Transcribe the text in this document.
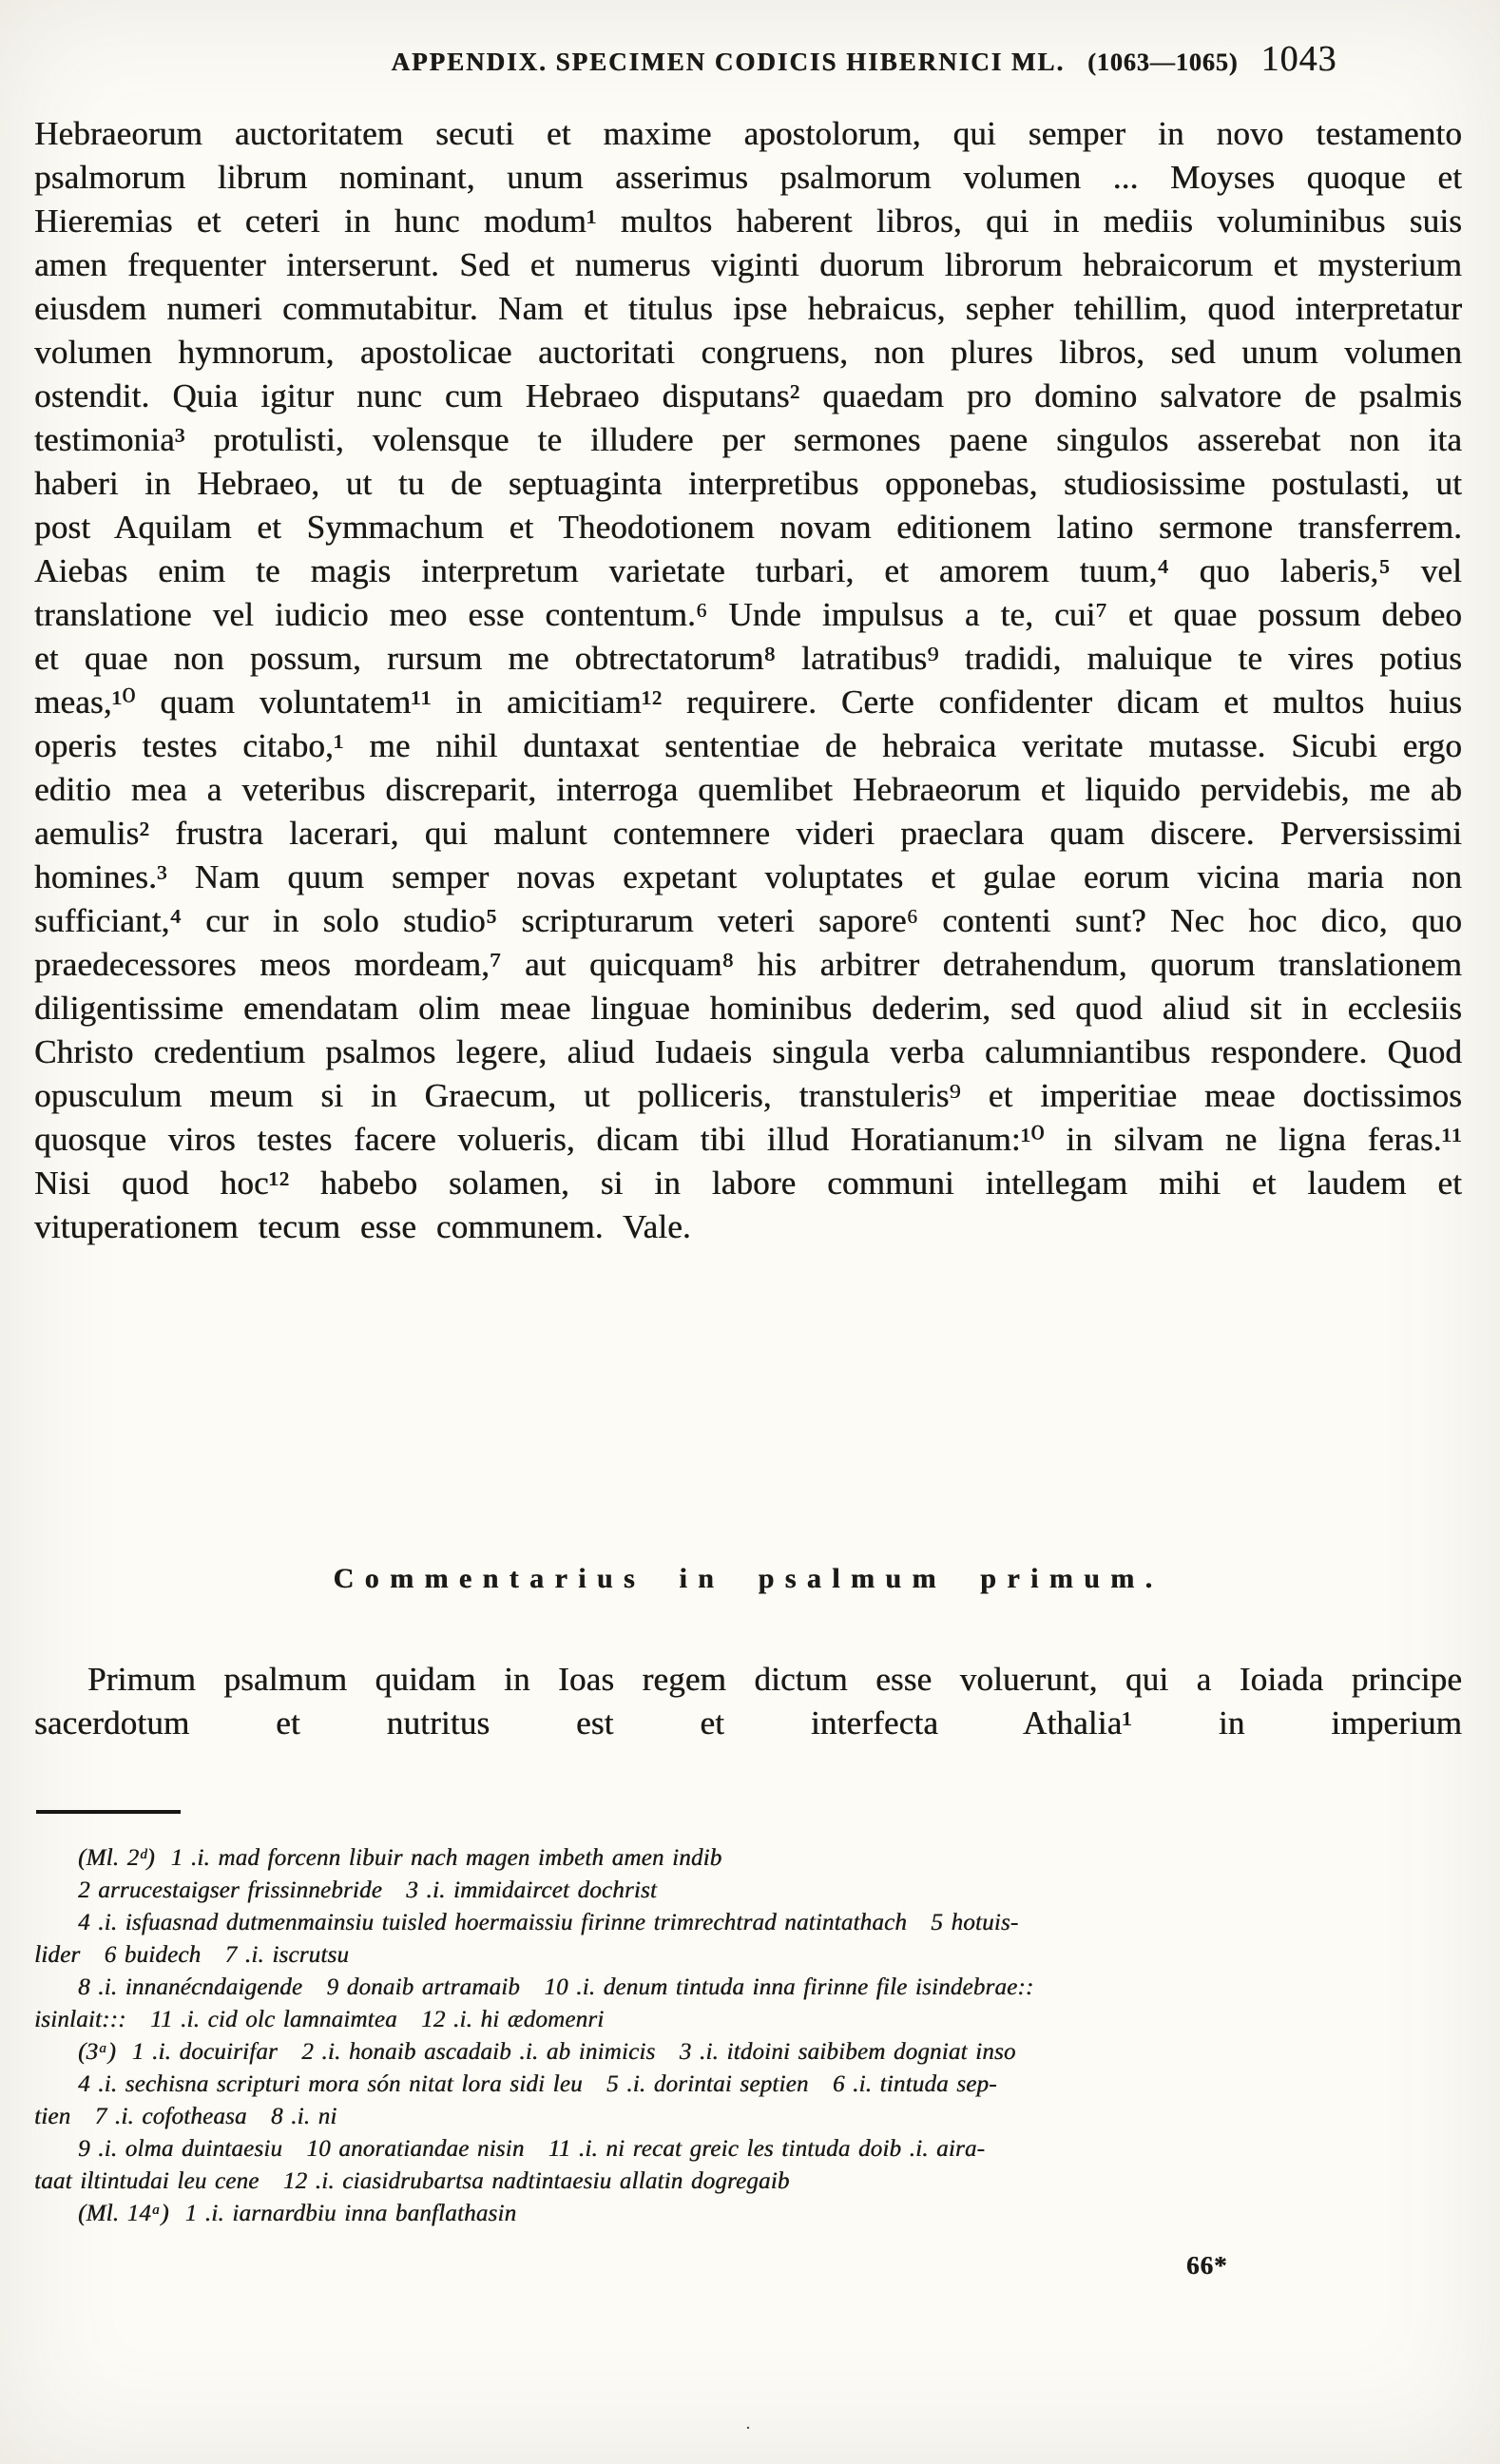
APPENDIX. SPECIMEN CODICIS HIBERNICI ML. (1063—1065) 1043

Hebraeorum auctoritatem secuti et maxime apostolorum, qui semper in novo testamento psalmorum librum nominant, unum asserimus psalmorum volumen ... Moyses quoque et Hieremias et ceteri in hunc modum¹ multos haberent libros, qui in mediis voluminibus suis amen frequenter interserunt. Sed et numerus viginti duorum librorum hebraicorum et mysterium eiusdem numeri commutabitur. Nam et titulus ipse hebraicus, sepher tehillim, quod interpretatur volumen hymnorum, apostolicae auctoritati congruens, non plures libros, sed unum volumen ostendit. Quia igitur nunc cum Hebraeo disputans² quaedam pro domino salvatore de psalmis testimonia³ protulisti, volensque te illudere per sermones paene singulos asserebat non ita haberi in Hebraeo, ut tu de septuaginta interpretibus opponebas, studiosissime postulasti, ut post Aquilam et Symmachum et Theodotionem novam editionem latino sermone transferrem. Aiebas enim te magis interpretum varietate turbari, et amorem tuum,⁴ quo laberis,⁵ vel translatione vel iudicio meo esse contentum.⁶ Unde impulsus a te, cui⁷ et quae possum debeo et quae non possum, rursum me obtrectatorum⁸ latratibus⁹ tradidi, maluique te vires potius meas,¹⁰ quam voluntatem¹¹ in amicitiam¹² requirere. Certe confidenter dicam et multos huius operis testes citabo,¹ me nihil duntaxat sententiae de hebraica veritate mutasse. Sicubi ergo editio mea a veteribus discreparit, interroga quemlibet Hebraeorum et liquido pervidebis, me ab aemulis² frustra lacerari, qui malunt contemnere videri praeclara quam discere. Perversissimi homines.³ Nam quum semper novas expetant voluptates et gulae eorum vicina maria non sufficiant,⁴ cur in solo studio⁵ scripturarum veteri sapore⁶ contenti sunt? Nec hoc dico, quo praedecessores meos mordeam,⁷ aut quicquam⁸ his arbitrer detrahendum, quorum translationem diligentissime emendatam olim meae linguae hominibus dederim, sed quod aliud sit in ecclesiis Christo credentium psalmos legere, aliud Iudaeis singula verba calumniantibus respondere. Quod opusculum meum si in Graecum, ut polliceris, transtuleris⁹ et imperitiae meae doctissimos quosque viros testes facere volueris, dicam tibi illud Horatianum:¹⁰ in silvam ne ligna feras.¹¹ Nisi quod hoc¹² habebo solamen, si in labore communi intellegam mihi et laudem et vituperationem tecum esse communem. Vale.

Commentarius in psalmum primum.

Primum psalmum quidam in Ioas regem dictum esse voluerunt, qui a Ioiada principe sacerdotum et nutritus est et interfecta Athalia¹ in imperium

(Ml. 2ᵈ)  1 .i. mad forcenn libuir nach magen imbeth amen indib
2 arrucestaigser frissinnebride   3 .i. immidaircet dochrist
4 .i. isfuasnad dutmenmainsiu tuisled hoermaissiu firinne trimrechtrad natintathach   5 hotuis-
lider   6 buidech   7 .i. iscrutsu
8 .i. innanécndaigende   9 donaib artramaib   10 .i. denum tintuda inna firinne file isindebrae::
isinlait:::   11 .i. cid olc lamnaimtea   12 .i. hi ædomenri
(3ᵃ)  1 .i. docuirifar   2 .i. honaib ascadaib .i. ab inimicis   3 .i. itdoini saibibem dogniat inso
4 .i. sechisna scripturi mora són nitat lora sidi leu   5 .i. dorintai septien   6 .i. tintuda sep-
tien   7 .i. cofotheasa   8 .i. ni
9 .i. olma duintaesiu   10 anoratiandae nisin   11 .i. ni recat greic les tintuda doib .i. aira-
taat iltintudai leu cene   12 .i. ciasidrubartsa nadtintaesiu allatin dogregaib
(Ml. 14ᵃ)  1 .i. iarnardbiu inna banflathasin
66*
.
